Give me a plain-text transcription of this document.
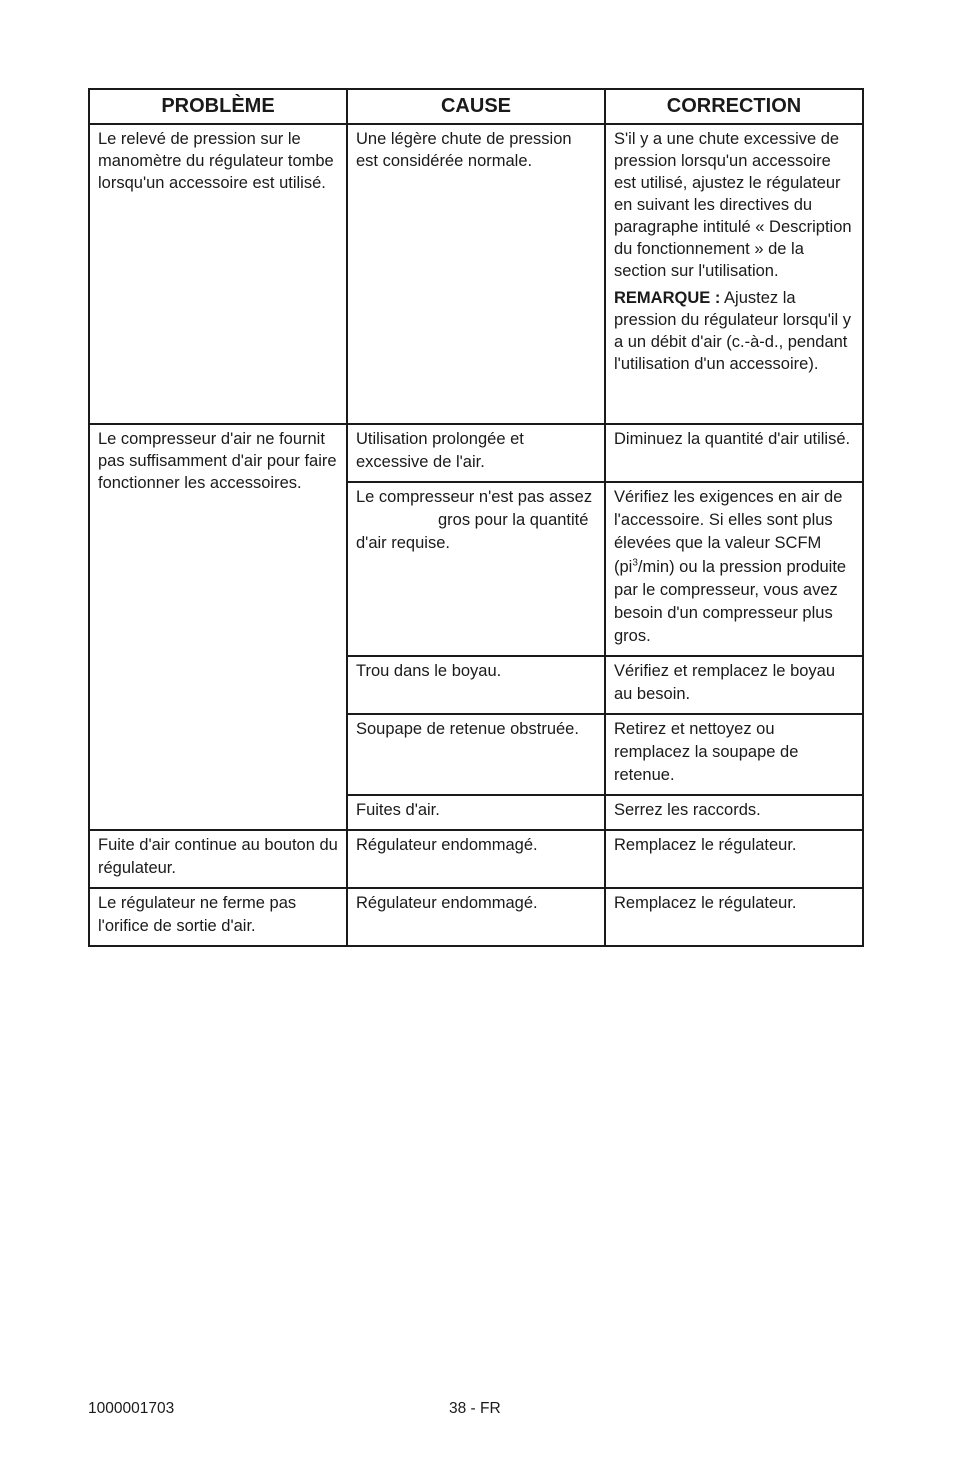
PROBLÈME	CAUSE	CORRECTION

Le relevé de pression sur le manomètre du régulateur tombe lorsqu'un accessoire est utilisé.	Une légère chute de pression est considérée normale.	S'il y a une chute excessive de pression lorsqu'un accessoire est utilisé, ajustez le régulateur en suivant les directives du paragraphe intitulé « Description du fonctionnement » de la section sur l'utilisation.

REMARQUE : Ajustez la pression du régulateur lorsqu'il y a un débit d'air (c.-à-d., pendant l'utilisation d'un accessoire).

Le compresseur d'air ne fournit pas suffisamment d'air pour faire fonctionner les accessoires.	Utilisation prolongée et excessive de l'air.	Diminuez la quantité d'air utilisé.

	Le compresseur n'est pas assezgros pour la quantité d'air requise.	Vérifiez les exigences en air de l'accessoire. Si elles sont plus élevées que la valeur SCFM $(pi^3/\min)$ ou la pression produite par le compresseur, vous avez besoin d'un compresseur plus gros.

	Trou dans le boyau.	Vérifiez et remplacez le boyau au besoin.

	Soupape de retenue obstruée.	Retirez et nettoyez ou remplacez la soupape de retenue.

	Fuites d'air.	Serrez les raccords.

Fuite d'air continue au bouton du régulateur.	Régulateur endommagé.	Remplacez le régulateur.

Le régulateur ne ferme pas l'orifice de sortie d'air.	Régulateur endommagé.	Remplacez le régulateur.

1000001703	38 - FR
